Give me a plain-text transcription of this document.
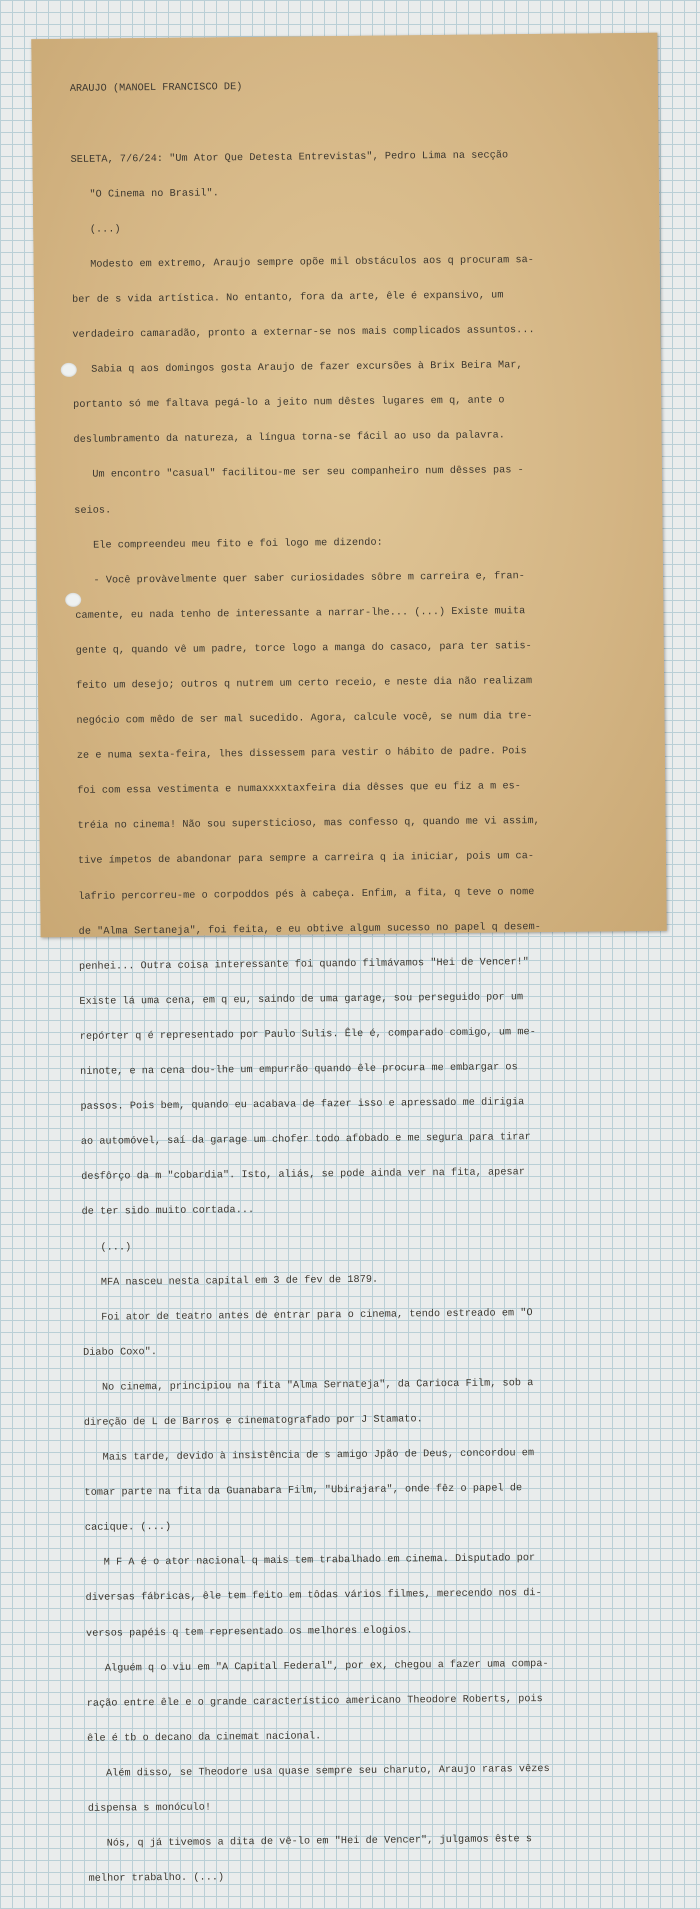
ARAUJO (MANOEL FRANCISCO DE)

SELETA, 7/6/24: "Um Ator Que Detesta Entrevistas", Pedro Lima na secção

"O Cinema no Brasil".

(...)

Modesto em extremo, Araujo sempre opõe mil obstáculos aos q procuram sa-

ber de s vida artística. No entanto, fora da arte, êle é expansivo, um

verdadeiro camaradão, pronto a externar-se nos mais complicados assuntos...

Sabia q aos domingos gosta Araujo de fazer excursões à Brix Beira Mar,

portanto só me faltava pegá-lo a jeito num dêstes lugares em q, ante o

deslumbramento da natureza, a língua torna-se fácil ao uso da palavra.

Um encontro "casual" facilitou-me ser seu companheiro num dêsses pas -

seios.

Ele compreendeu meu fito e foi logo me dizendo:

- Você provàvelmente quer saber curiosidades sôbre m carreira e, fran-

camente, eu nada tenho de interessante a narrar-lhe... (...) Existe muita

gente q, quando vê um padre, torce logo a manga do casaco, para ter satis-

feito um desejo; outros q nutrem um certo receio, e neste dia não realizam

negócio com mêdo de ser mal sucedido. Agora, calcule você, se num dia tre-

ze e numa sexta-feira, lhes dissessem para vestir o hábito de padre. Pois

foi com essa vestimenta e numaxxxxtaxfeira dia dêsses que eu fiz a m es-

tréia no cinema! Não sou supersticioso, mas confesso q, quando me vi assim,

tive ímpetos de abandonar para sempre a carreira q ia iniciar, pois um ca-

lafrio percorreu-me o corpoddos pés à cabeça. Enfim, a fita, q teve o nome

de "Alma Sertaneja", foi feita, e eu obtive algum sucesso no papel q desem-

penhei... Outra coisa interessante foi quando filmávamos "Hei de Vencer!"

Existe lá uma cena, em q eu, saindo de uma garage, sou perseguido por um

repórter q é representado por Paulo Sulis. Êle é, comparado comigo, um me-

ninote, e na cena dou-lhe um empurrão quando êle procura me embargar os

passos. Pois bem, quando eu acabava de fazer isso e apressado me dirigia

ao automóvel, saí da garage um chofer todo afobado e me segura para tirar

desfôrço da m "cobardia". Isto, aliás, se pode ainda ver na fita, apesar

de ter sido muito cortada...

(...)

MFA nasceu nesta capital em 3 de fev de 1879.

Foi ator de teatro antes de entrar para o cinema, tendo estreado em "O

Diabo Coxo".

No cinema, principiou na fita "Alma Sernateja", da Carioca Film, sob a

direção de L de Barros e cinematografado por J Stamato.

Mais tarde, devido à insistência de s amigo Jpão de Deus, concordou em

tomar parte na fita da Guanabara Film, "Ubirajara", onde fêz o papel de

cacique. (...)

M F A é o ator nacional q mais tem trabalhado em cinema. Disputado por

diversas fábricas, êle tem feito em tôdas vários filmes, merecendo nos di-

versos papéis q tem representado os melhores elogios.

Alguém q o viu em "A Capital Federal", por ex, chegou a fazer uma compa-

ração entre êle e o grande característico americano Theodore Roberts, pois

êle é tb o decano da cinemat nacional.

Além disso, se Theodore usa quase sempre seu charuto, Araujo raras vêzes

dispensa s monóculo!

Nós, q já tivemos a dita de vê-lo em "Hei de Vencer", julgamos êste s

melhor trabalho. (...)
